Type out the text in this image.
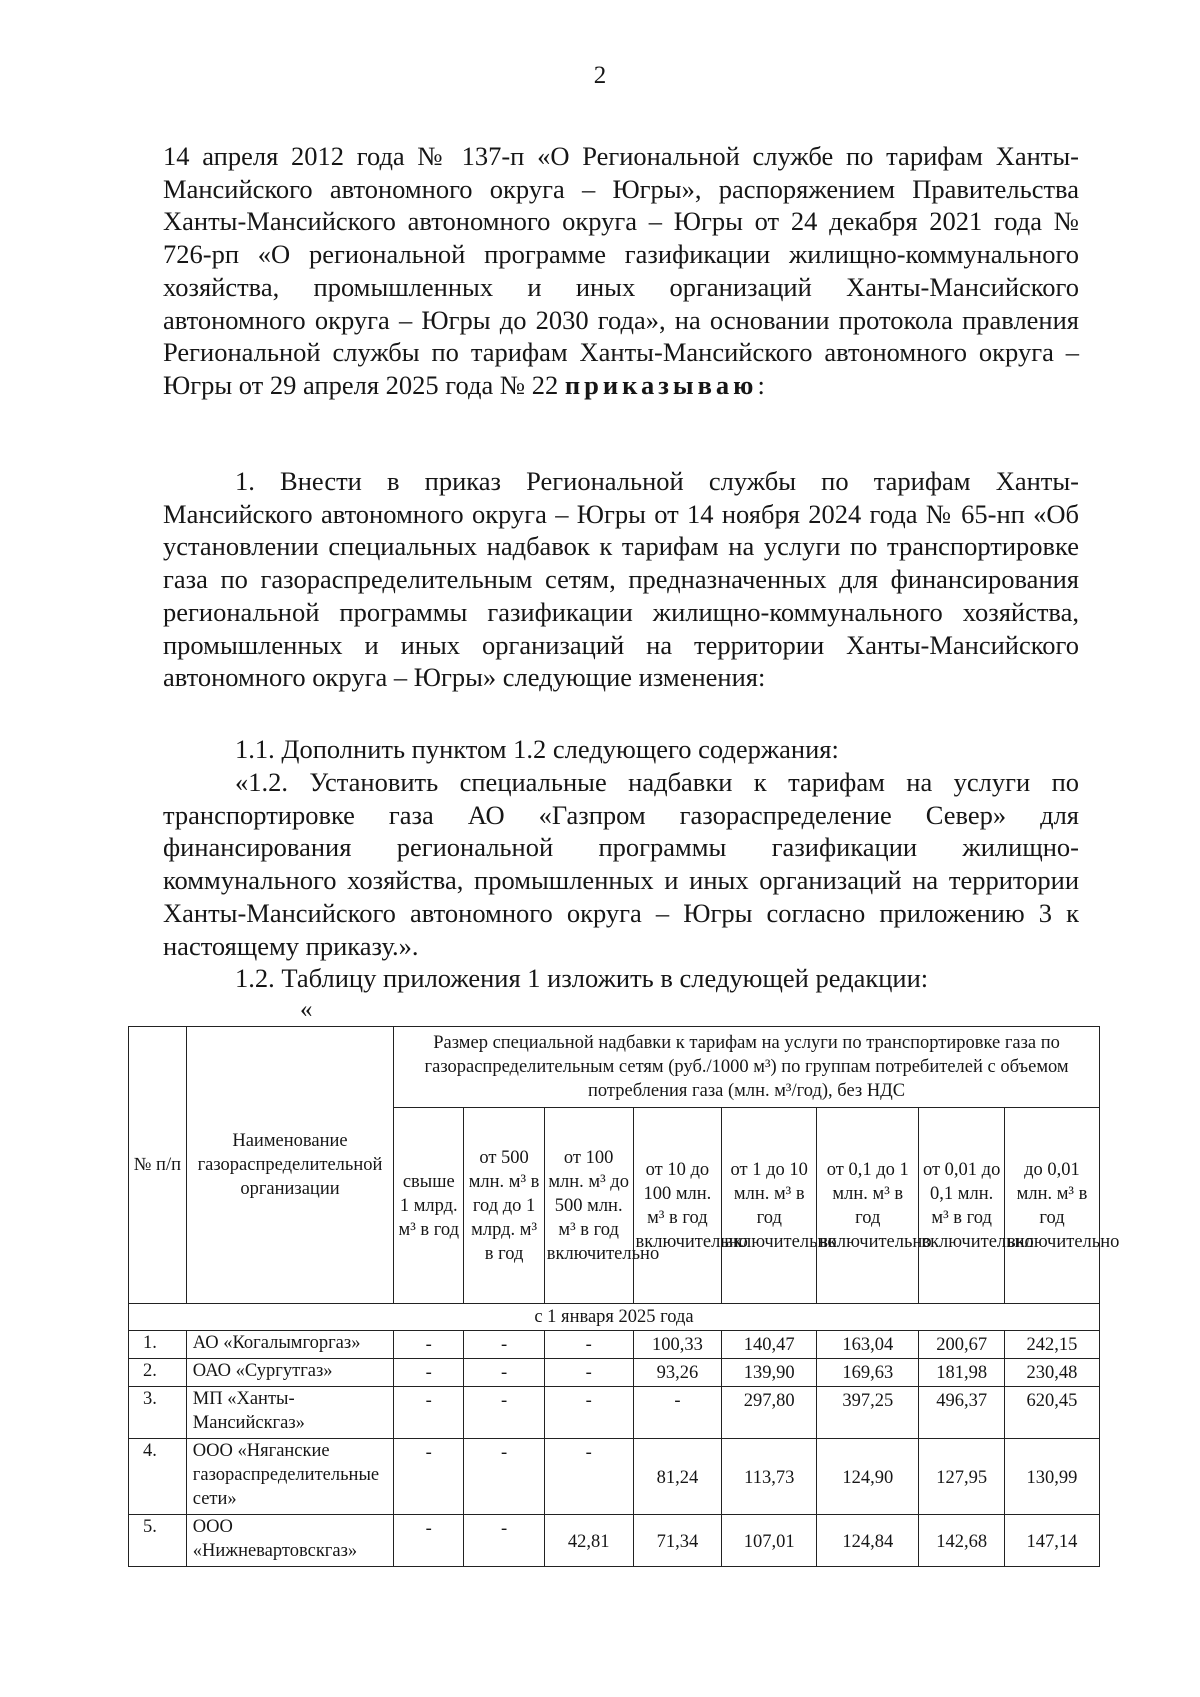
2
14 апреля 2012 года № 137-п «О Региональной службе по тарифам Ханты-Мансийского автономного округа – Югры», распоряжением Правительства Ханты-Мансийского автономного округа – Югры от 24 декабря 2021 года № 726-рп «О региональной программе газификации жилищно-коммунального хозяйства, промышленных и иных организаций Ханты-Мансийского автономного округа – Югры до 2030 года», на основании протокола правления Региональной службы по тарифам Ханты-Мансийского автономного округа – Югры от 29 апреля 2025 года № 22 приказываю:
1. Внести в приказ Региональной службы по тарифам Ханты-Мансийского автономного округа – Югры от 14 ноября 2024 года № 65-нп «Об установлении специальных надбавок к тарифам на услуги по транспортировке газа по газораспределительным сетям, предназначенных для финансирования региональной программы газификации жилищно-коммунального хозяйства, промышленных и иных организаций на территории Ханты-Мансийского автономного округа – Югры» следующие изменения:
1.1. Дополнить пунктом 1.2 следующего содержания:
«1.2. Установить специальные надбавки к тарифам на услуги по транспортировке газа АО «Газпром газораспределение Север» для финансирования региональной программы газификации жилищно-коммунального хозяйства, промышленных и иных организаций на территории Ханты-Мансийского автономного округа – Югры согласно приложению 3 к настоящему приказу.».
1.2. Таблицу приложения 1 изложить в следующей редакции:
«
№ п/п	Наименование газораспределительной организации	Размер специальной надбавки к тарифам на услуги по транспортировке газа по газораспределительным сетям (руб./1000 м³) по группам потребителей с объемом потребления газа (млн. м³/год), без НДС							
		свыше 1 млрд. м³ в год	от 500 млн. м³ в год до 1 млрд. м³ в год	от 100 млн. м³ до 500 млн. м³ в год включительно	от 10 до 100 млн. м³ в год включительно	от 1 до 10 млн. м³ в год включительно	от 0,1 до 1 млн. м³ в год включительно	от 0,01 до 0,1 млн. м³ в год включительно	до 0,01 млн. м³ в год включительно
с 1 января 2025 года									
1.	АО «Когалымгоргаз»	-	-	-	100,33	140,47	163,04	200,67	242,15
2.	ОАО «Сургутгаз»	-	-	-	93,26	139,90	169,63	181,98	230,48
3.	МП «Ханты-Мансийскгаз»	-	-	-	-	297,80	397,25	496,37	620,45
4.	ООО «Няганские газораспределительные сети»	-	-	-	81,24	113,73	124,90	127,95	130,99
5.	ООО «Нижневартовскгаз»	-	-	42,81	71,34	107,01	124,84	142,68	147,14
